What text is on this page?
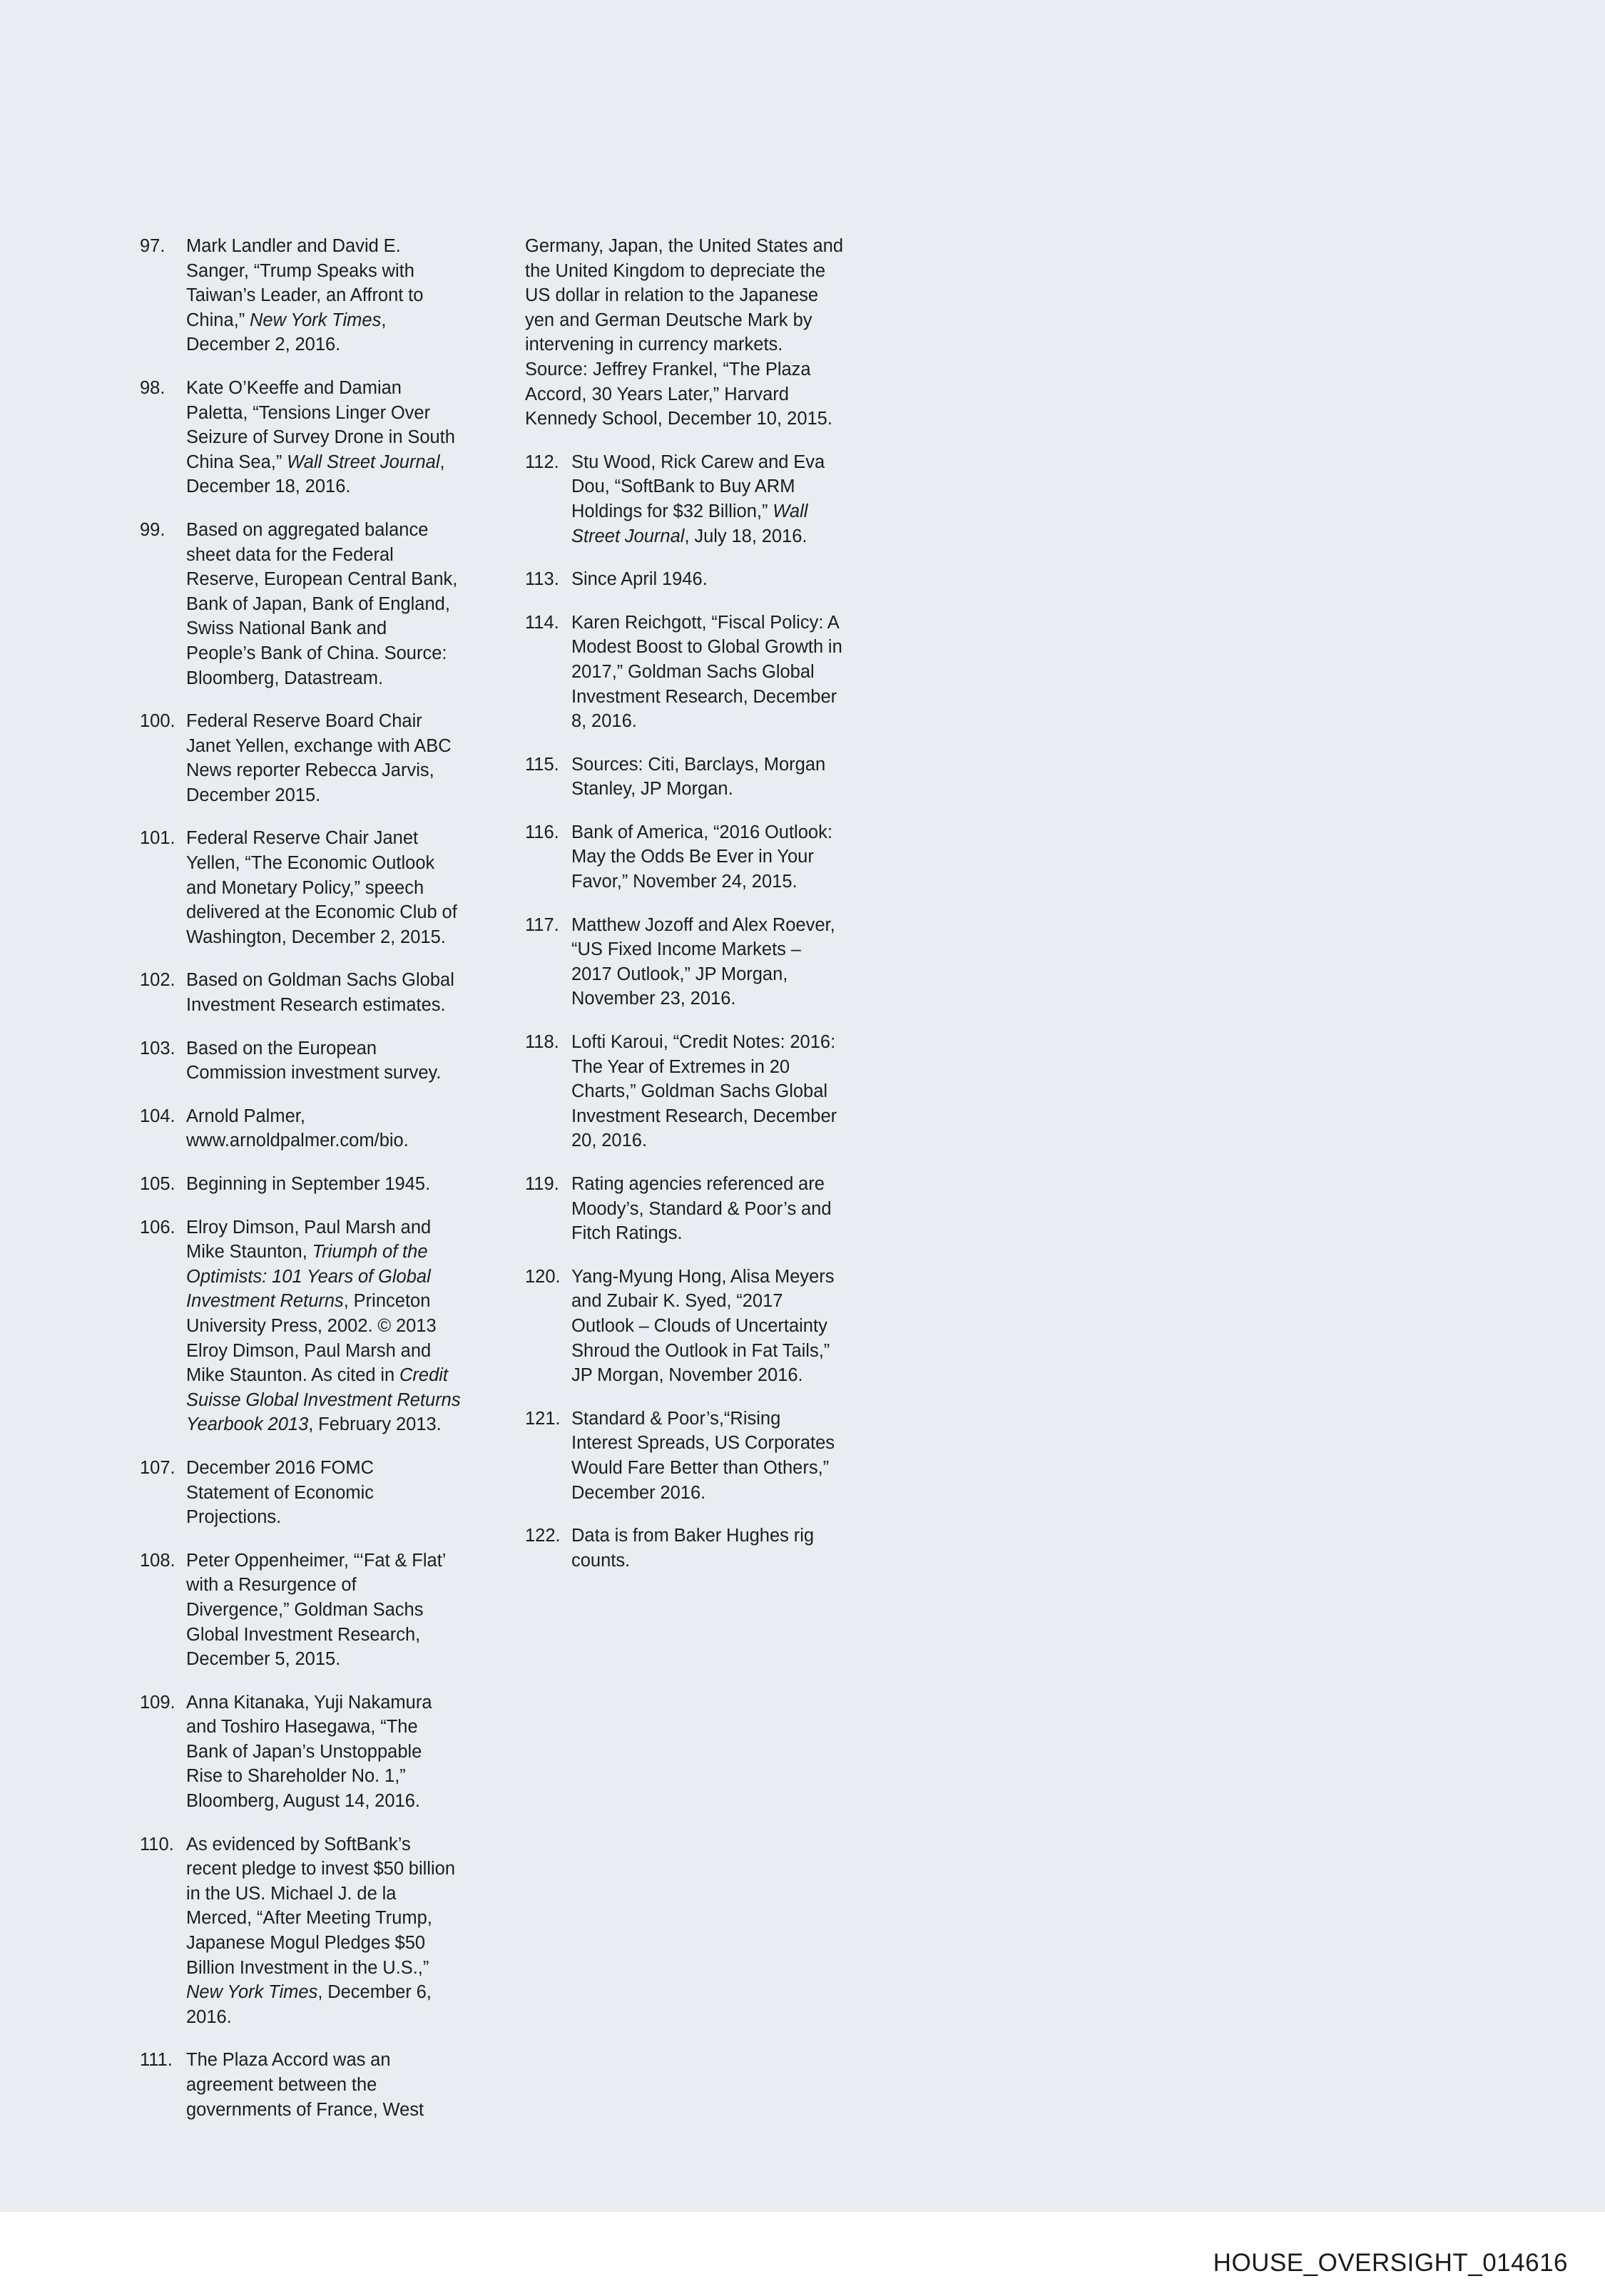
97.	Mark Landler and David E. Sanger, “Trump Speaks with Taiwan’s Leader, an Affront to China,” New York Times, December 2, 2016.
98.	Kate O’Keeffe and Damian Paletta, “Tensions Linger Over Seizure of Survey Drone in South China Sea,” Wall Street Journal, December 18, 2016.
99.	Based on aggregated balance sheet data for the Federal Reserve, European Central Bank, Bank of Japan, Bank of England, Swiss National Bank and People’s Bank of China. Source: Bloomberg, Datastream.
100. Federal Reserve Board Chair Janet Yellen, exchange with ABC News reporter Rebecca Jarvis, December 2015.
101. Federal Reserve Chair Janet Yellen, “The Economic Outlook and Monetary Policy,” speech delivered at the Economic Club of Washington, December 2, 2015.
102. Based on Goldman Sachs Global Investment Research estimates.
103. Based on the European Commission investment survey.
104. Arnold Palmer, www.arnoldpalmer.com/bio.
105. Beginning in September 1945.
106. Elroy Dimson, Paul Marsh and Mike Staunton, Triumph of the Optimists: 101 Years of Global Investment Returns, Princeton University Press, 2002. © 2013 Elroy Dimson, Paul Marsh and Mike Staunton. As cited in Credit Suisse Global Investment Returns Yearbook 2013, February 2013.
107. December 2016 FOMC Statement of Economic Projections.
108. Peter Oppenheimer, “‘Fat & Flat’ with a Resurgence of Divergence,” Goldman Sachs Global Investment Research, December 5, 2015.
109. Anna Kitanaka, Yuji Nakamura and Toshiro Hasegawa, “The Bank of Japan’s Unstoppable Rise to Shareholder No. 1,” Bloomberg, August 14, 2016.
110. As evidenced by SoftBank’s recent pledge to invest $50 billion in the US. Michael J. de la Merced, “After Meeting Trump, Japanese Mogul Pledges $50 Billion Investment in the U.S.,” New York Times, December 6, 2016.
111. The Plaza Accord was an agreement between the governments of France, West
Germany, Japan, the United States and the United Kingdom to depreciate the US dollar in relation to the Japanese yen and German Deutsche Mark by intervening in currency markets. Source: Jeffrey Frankel, “The Plaza Accord, 30 Years Later,” Harvard Kennedy School, December 10, 2015.
112. Stu Wood, Rick Carew and Eva Dou, “SoftBank to Buy ARM Holdings for $32 Billion,” Wall Street Journal, July 18, 2016.
113. Since April 1946.
114. Karen Reichgott, “Fiscal Policy: A Modest Boost to Global Growth in 2017,” Goldman Sachs Global Investment Research, December 8, 2016.
115. Sources: Citi, Barclays, Morgan Stanley, JP Morgan.
116. Bank of America, “2016 Outlook: May the Odds Be Ever in Your Favor,” November 24, 2015.
117. Matthew Jozoff and Alex Roever, “US Fixed Income Markets – 2017 Outlook,” JP Morgan, November 23, 2016.
118. Lofti Karoui, “Credit Notes: 2016: The Year of Extremes in 20 Charts,” Goldman Sachs Global Investment Research, December 20, 2016.
119. Rating agencies referenced are Moody’s, Standard & Poor’s and Fitch Ratings.
120. Yang-Myung Hong, Alisa Meyers and Zubair K. Syed, “2017 Outlook – Clouds of Uncertainty Shroud the Outlook in Fat Tails,” JP Morgan, November 2016.
121. Standard & Poor’s,“Rising Interest Spreads, US Corporates Would Fare Better than Others,” December 2016.
122. Data is from Baker Hughes rig counts.
HOUSE_OVERSIGHT_014616
